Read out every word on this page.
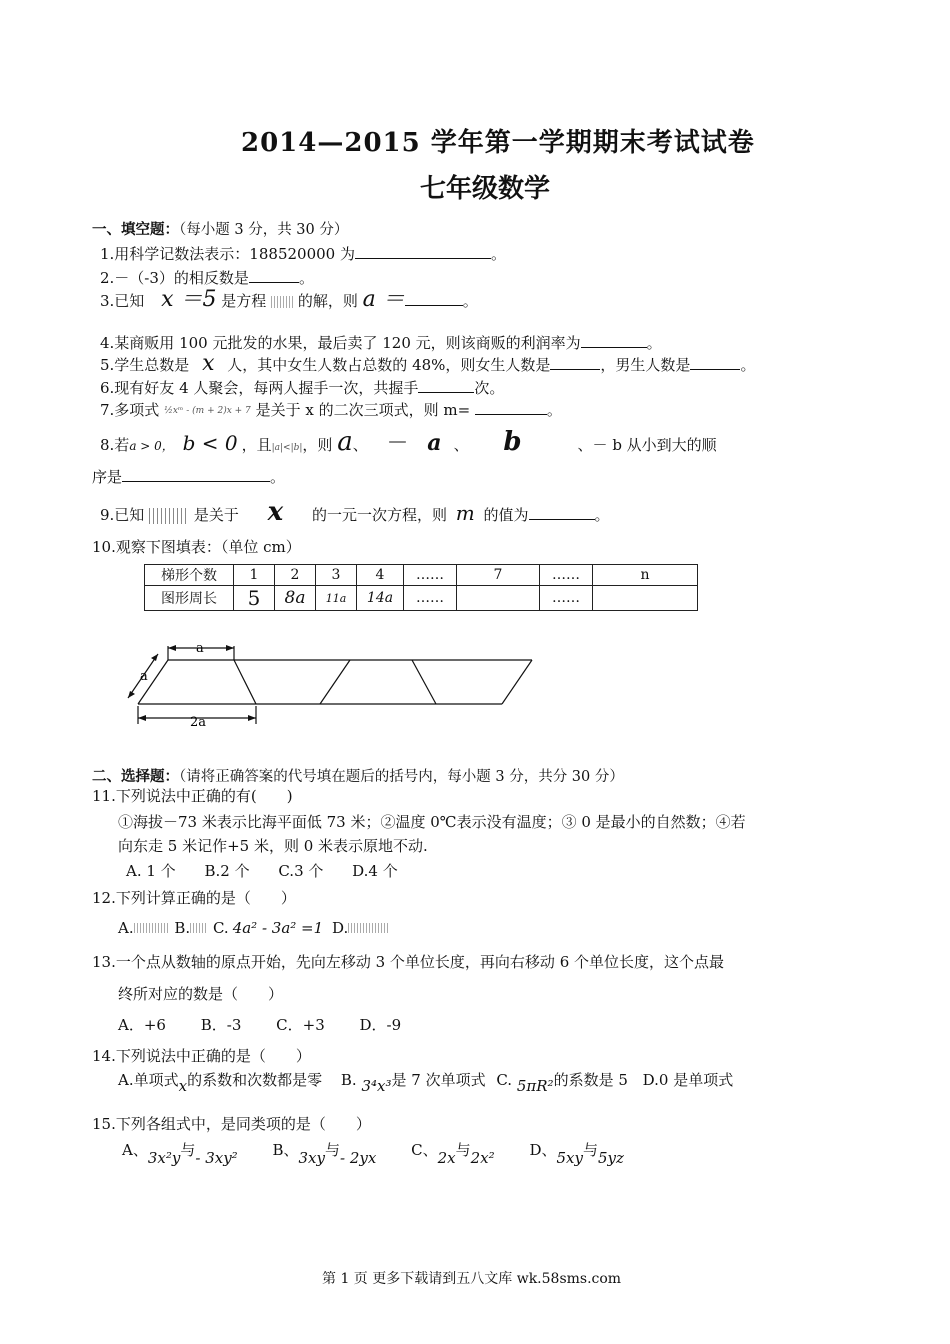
2014—2015 学年第一学期期末考试试卷
七年级数学
一、填空题：（每小题 3 分，共 30 分）
1.用科学记数法表示：188520000 为	。
2.－（-3）的相反数是	。
3.已知 x ＝5 是方程 的解，则 a ＝	。
4.某商贩用 100 元批发的水果，最后卖了 120 元，则该商贩的利润率为	。
5.学生总数是 x 人，其中女生人数占总数的 48%，则女生人数是	，男生人数是	。
6.现有好友 4 人聚会，每两人握手一次，共握手	次。
7.多项式 ½xᵐ - (m + 2)x + 7 是关于 x 的二次三项式，则 m=	。
8.若a > 0， b < 0 ，且|a|<|b|，则 a、 － a 、 b	、－ b 从小到大的顺
序是	。
9.已知	是关于 x 的一元一次方程，则 m 的值为	。
10.观察下图填表：（单位 cm）
梯形个数	1	2	3	4	……	7	……	n
图形周长	5	8a	11a	14a	……		……	
a
a
2a
二、选择题：（请将正确答案的代号填在题后的括号内，每小题 3 分，共分 30 分）
11.下列说法中正确的有(　　)
①海拔－73 米表示比海平面低 73 米；②温度 0℃表示没有温度；③ 0 是最小的自然数；④若
向东走 5 米记作+5 米，则 0 米表示原地不动.
A. 1 个 B.2 个 C.3 个 D.4 个
12.下列计算正确的是（　　）
A.	B. C. 4a² - 3a² =1 D.
13.一个点从数轴的原点开始，先向左移动 3 个单位长度，再向右移动 6 个单位长度，这个点最
终所对应的数是（　　）
A．+6 B．-3 C．+3 D．-9
14.下列说法中正确的是（　　）
A.单项式x的系数和次数都是零 B. 3⁴x³是 7 次单项式 C. 5πR²的系数是 5 D.0 是单项式
15.下列各组式中，是同类项的是（　　）
A、3x²y与- 3xy² B、3xy与- 2yx C、2x与2x² D、5xy与5yz
第 1 页 更多下载请到五八文库 wk.58sms.com
